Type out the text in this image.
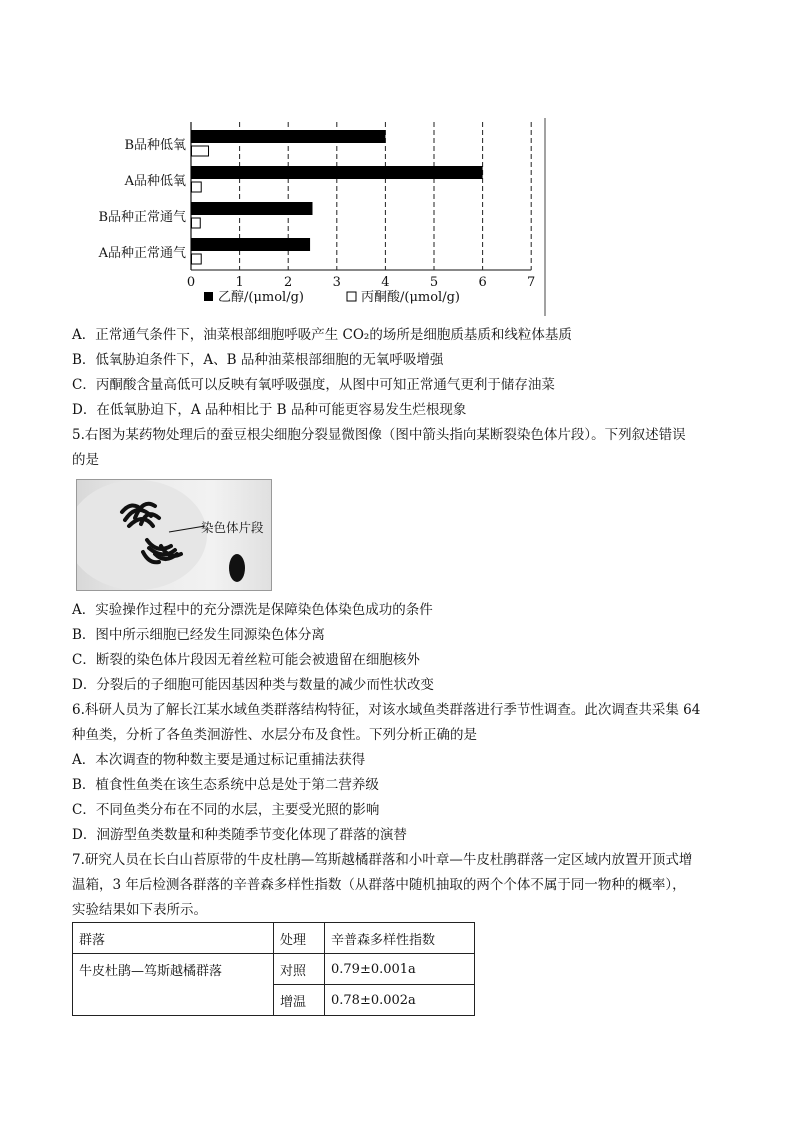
B品种低氧
A品种低氧
B品种正常通气
A品种正常通气
0	1	2	3	4	5	6	7
乙醇/(μmol/g)	丙酮酸/(μmol/g)
A．正常通气条件下，油菜根部细胞呼吸产生 CO₂的场所是细胞质基质和线粒体基质
B．低氧胁迫条件下，A、B 品种油菜根部细胞的无氧呼吸增强
C．丙酮酸含量高低可以反映有氧呼吸强度，从图中可知正常通气更利于储存油菜
D．在低氧胁迫下，A 品种相比于 B 品种可能更容易发生烂根现象
5.右图为某药物处理后的蚕豆根尖细胞分裂显微图像（图中箭头指向某断裂染色体片段）。下列叙述错误
的是
染色体片段
A．实验操作过程中的充分漂洗是保障染色体染色成功的条件
B．图中所示细胞已经发生同源染色体分离
C．断裂的染色体片段因无着丝粒可能会被遗留在细胞核外
D．分裂后的子细胞可能因基因种类与数量的减少而性状改变
6.科研人员为了解长江某水域鱼类群落结构特征，对该水域鱼类群落进行季节性调查。此次调查共采集 64
种鱼类，分析了各鱼类洄游性、水层分布及食性。下列分析正确的是
A．本次调查的物种数主要是通过标记重捕法获得
B．植食性鱼类在该生态系统中总是处于第二营养级
C．不同鱼类分布在不同的水层，主要受光照的影响
D．洄游型鱼类数量和种类随季节变化体现了群落的演替
7.研究人员在长白山苔原带的牛皮杜鹃—笃斯越橘群落和小叶章—牛皮杜鹃群落一定区域内放置开顶式增
温箱，3 年后检测各群落的辛普森多样性指数（从群落中随机抽取的两个个体不属于同一物种的概率），
实验结果如下表所示。
群落	处理	辛普森多样性指数
牛皮杜鹃—笃斯越橘群落	对照	0.79±0.001a
	增温	0.78±0.002a
